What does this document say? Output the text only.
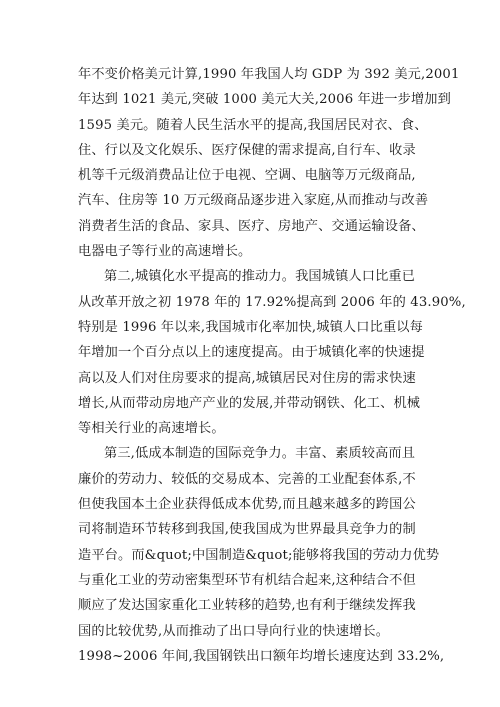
年不变价格美元计算,1990 年我国人均 GDP 为 392 美元,2001
年达到 1021 美元,突破 1000 美元大关,2006 年进一步增加到
1595 美元。随着人民生活水平的提高,我国居民对衣、食、
住、行以及文化娱乐、医疗保健的需求提高,自行车、收录
机等千元级消费品让位于电视、空调、电脑等万元级商品,
汽车、住房等 10 万元级商品逐步进入家庭,从而推动与改善
消费者生活的食品、家具、医疗、房地产、交通运输设备、
电器电子等行业的高速增长。
第二,城镇化水平提高的推动力。我国城镇人口比重已
从改革开放之初 1978 年的 17.92%提高到 2006 年的 43.90%,
特别是 1996 年以来,我国城市化率加快,城镇人口比重以每
年增加一个百分点以上的速度提高。由于城镇化率的快速提
高以及人们对住房要求的提高,城镇居民对住房的需求快速
增长,从而带动房地产产业的发展,并带动钢铁、化工、机械
等相关行业的高速增长。
第三,低成本制造的国际竞争力。丰富、素质较高而且
廉价的劳动力、较低的交易成本、完善的工业配套体系,不
但使我国本土企业获得低成本优势,而且越来越多的跨国公
司将制造环节转移到我国,使我国成为世界最具竞争力的制
造平台。而&quot;中国制造&quot;能够将我国的劳动力优势
与重化工业的劳动密集型环节有机结合起来,这种结合不但
顺应了发达国家重化工业转移的趋势,也有利于继续发挥我
国的比较优势,从而推动了出口导向行业的快速增长。
1998~2006 年间,我国钢铁出口额年均增长速度达到 33.2%,
